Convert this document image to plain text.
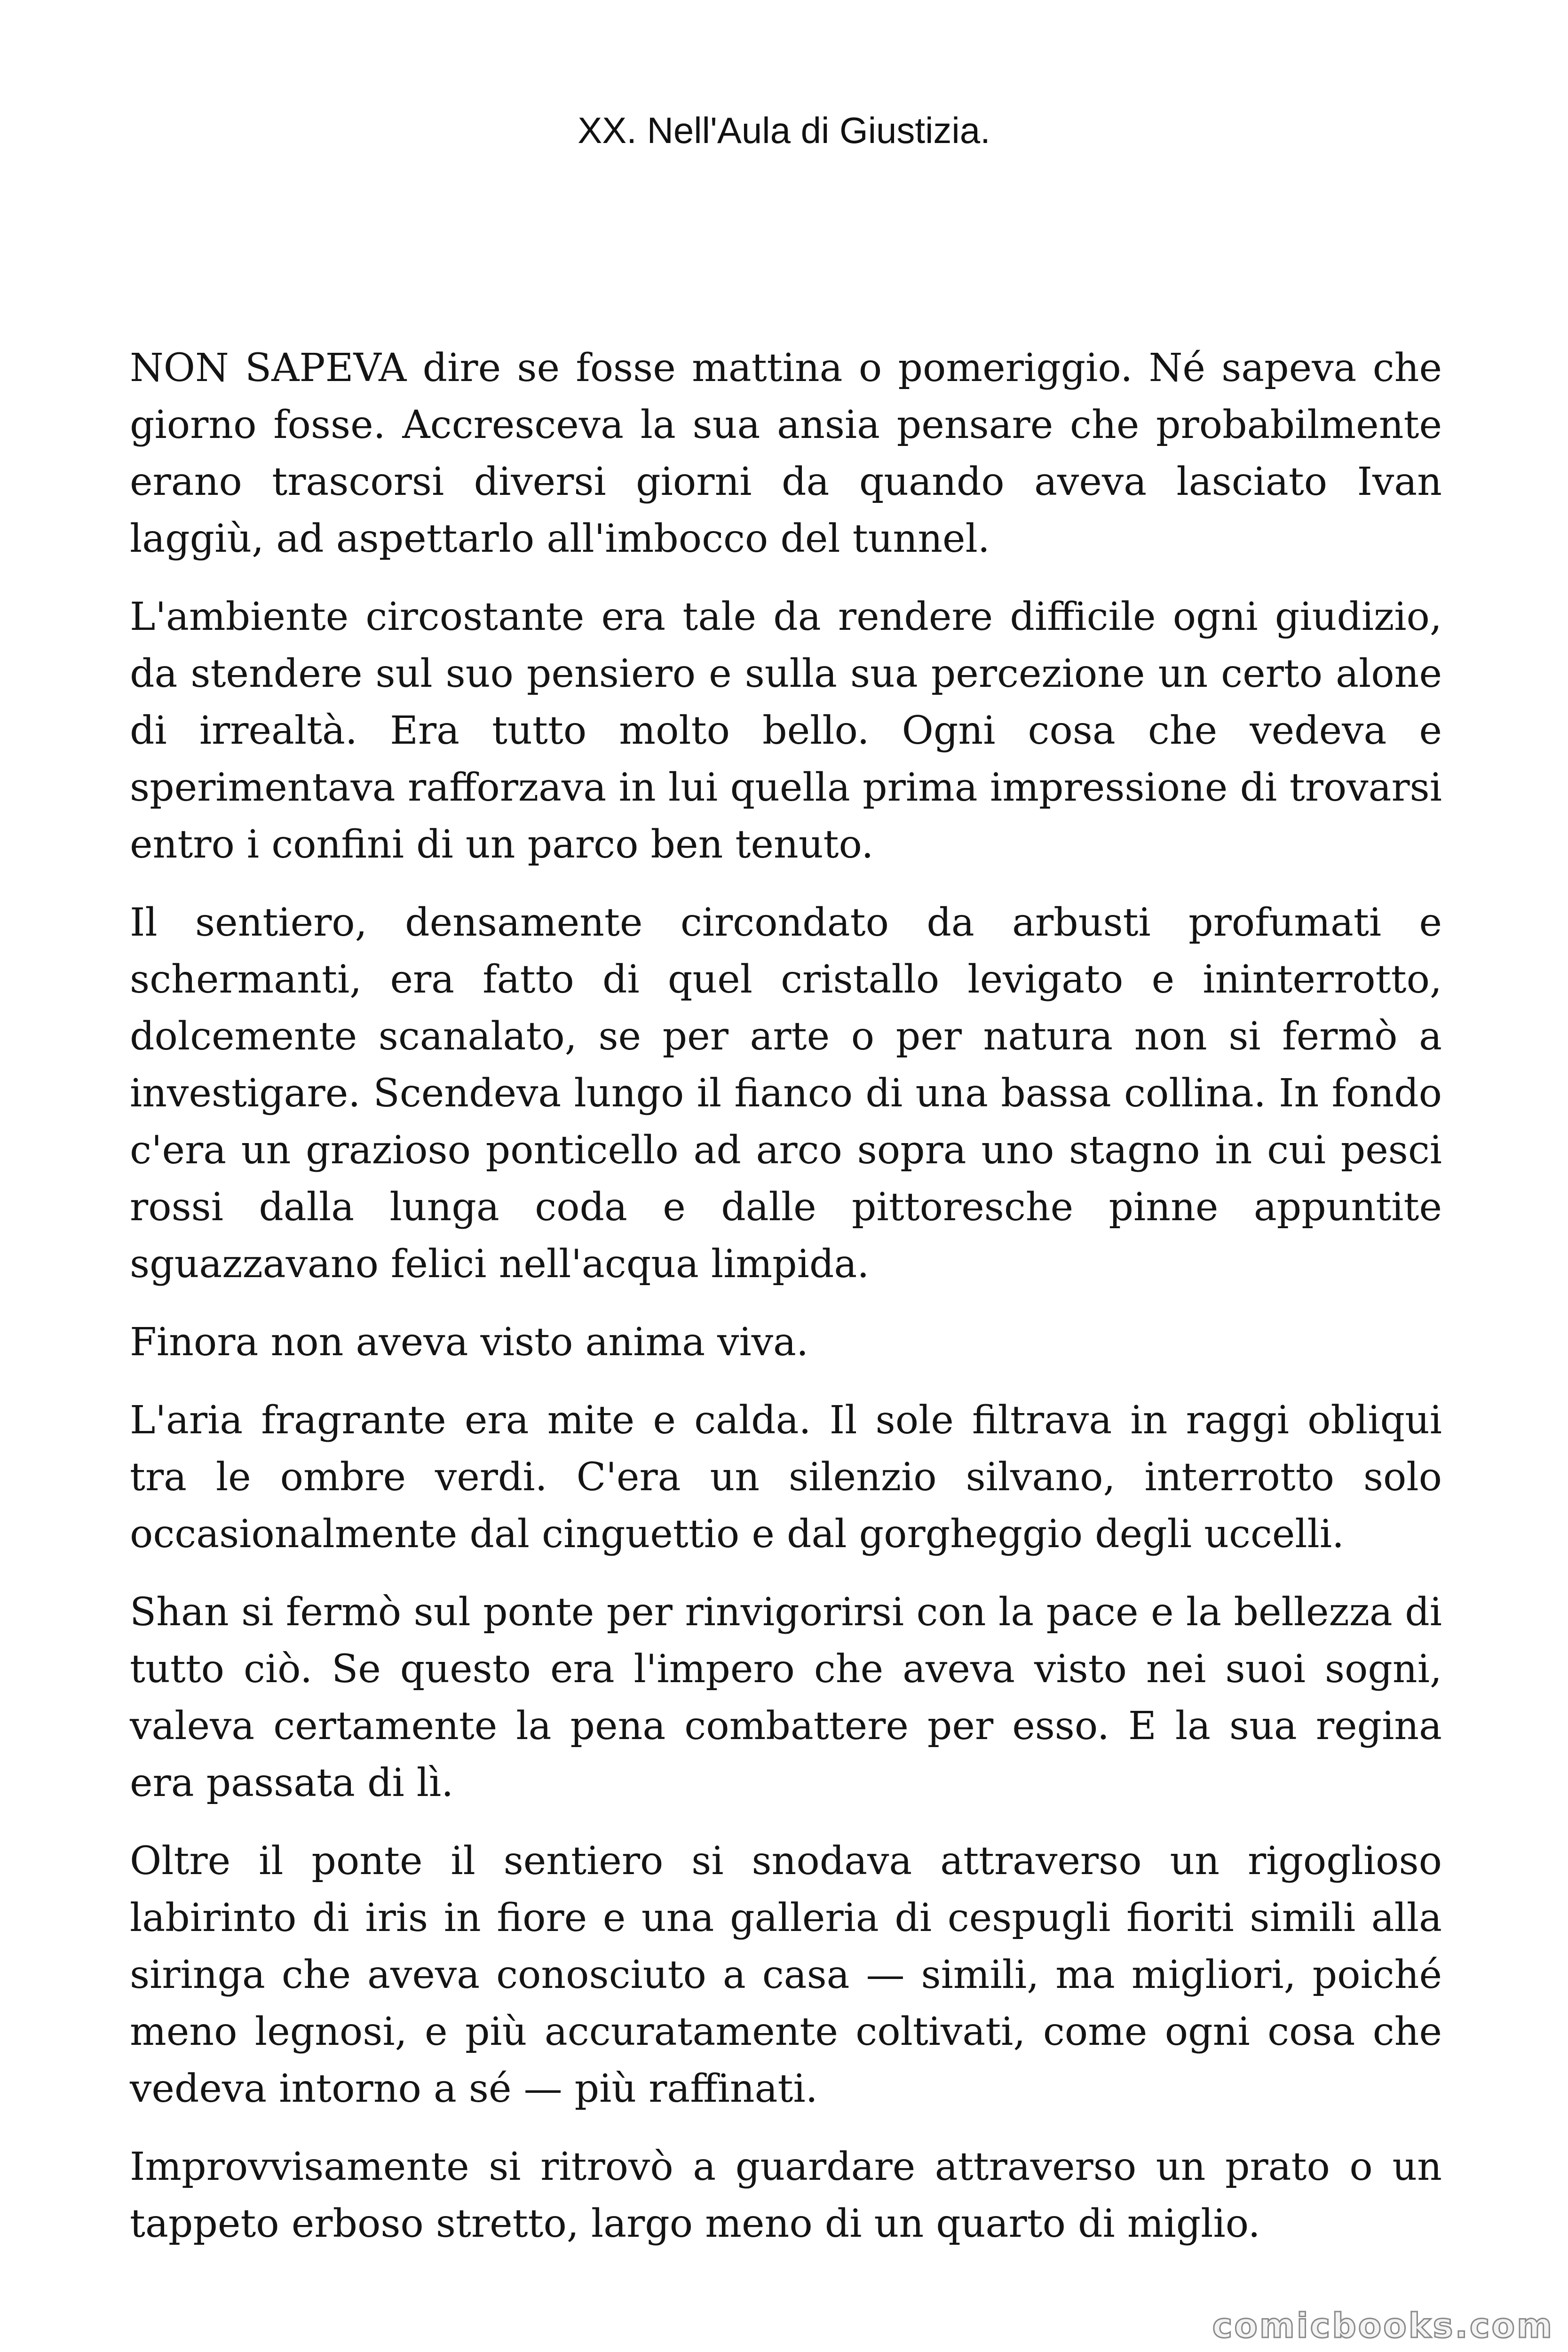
XX. Nell'Aula di Giustizia.

NON SAPEVA dire se fosse mattina o pomeriggio. Né sapeva che giorno fosse. Accresceva la sua ansia pensare che probabilmente erano trascorsi diversi giorni da quando aveva lasciato Ivan laggiù, ad aspettarlo all'imbocco del tunnel.

L'ambiente circostante era tale da rendere difficile ogni giudizio, da stendere sul suo pensiero e sulla sua percezione un certo alone di irrealtà. Era tutto molto bello. Ogni cosa che vedeva e sperimentava rafforzava in lui quella prima impressione di trovarsi entro i confini di un parco ben tenuto.

Il sentiero, densamente circondato da arbusti profumati e schermanti, era fatto di quel cristallo levigato e ininterrotto, dolcemente scanalato, se per arte o per natura non si fermò a investigare. Scendeva lungo il fianco di una bassa collina. In fondo c'era un grazioso ponticello ad arco sopra uno stagno in cui pesci rossi dalla lunga coda e dalle pittoresche pinne appuntite sguazzavano felici nell'acqua limpida.

Finora non aveva visto anima viva.

L'aria fragrante era mite e calda. Il sole filtrava in raggi obliqui tra le ombre verdi. C'era un silenzio silvano, interrotto solo occasionalmente dal cinguettio e dal gorgheggio degli uccelli.

Shan si fermò sul ponte per rinvigorirsi con la pace e la bellezza di tutto ciò. Se questo era l'impero che aveva visto nei suoi sogni, valeva certamente la pena combattere per esso. E la sua regina era passata di lì.

Oltre il ponte il sentiero si snodava attraverso un rigoglioso labirinto di iris in fiore e una galleria di cespugli fioriti simili alla siringa che aveva conosciuto a casa — simili, ma migliori, poiché meno legnosi, e più accuratamente coltivati, come ogni cosa che vedeva intorno a sé — più raffinati.

Improvvisamente si ritrovò a guardare attraverso un prato o un tappeto erboso stretto, largo meno di un quarto di miglio.

comicbooks.com
